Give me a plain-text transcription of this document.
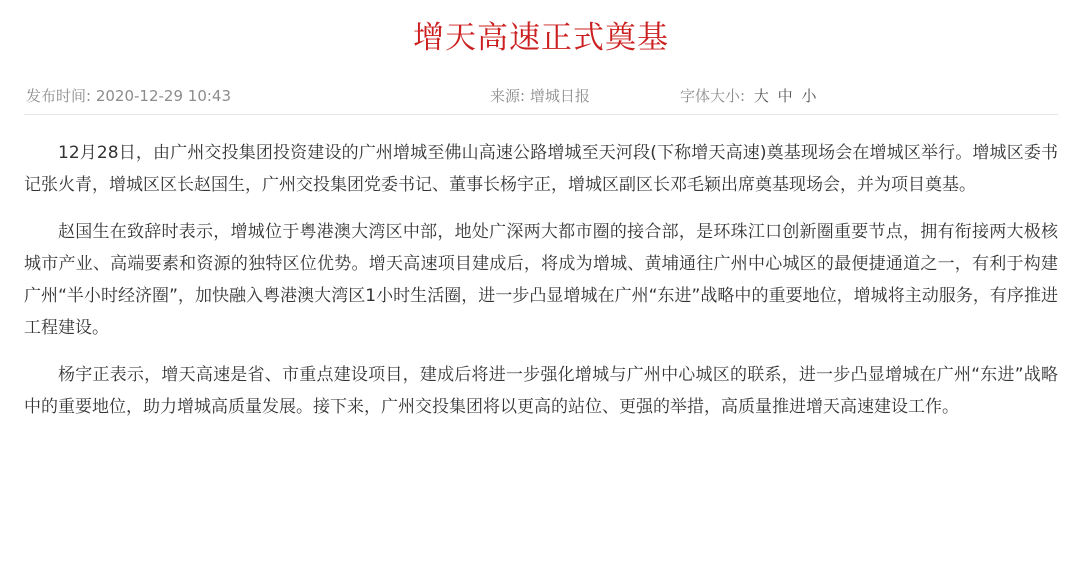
增天高速正式奠基
发布时间: 2020-12-29 10:43	来源: 增城日报	字体大小: 大 中 小

12月28日，由广州交投集团投资建设的广州增城至佛山高速公路增城至天河段(下称增天高速)奠基现场会在增城区举行。增城区委书记张火青，增城区区长赵国生，广州交投集团党委书记、董事长杨宇正，增城区副区长邓毛颖出席奠基现场会，并为项目奠基。

赵国生在致辞时表示，增城位于粤港澳大湾区中部，地处广深两大都市圈的接合部，是环珠江口创新圈重要节点，拥有衔接两大极核城市产业、高端要素和资源的独特区位优势。增天高速项目建成后，将成为增城、黄埔通往广州中心城区的最便捷通道之一，有利于构建广州“半小时经济圈”，加快融入粤港澳大湾区1小时生活圈，进一步凸显增城在广州“东进”战略中的重要地位，增城将主动服务，有序推进工程建设。

杨宇正表示，增天高速是省、市重点建设项目，建成后将进一步强化增城与广州中心城区的联系，进一步凸显增城在广州“东进”战略中的重要地位，助力增城高质量发展。接下来，广州交投集团将以更高的站位、更强的举措，高质量推进增天高速建设工作。
